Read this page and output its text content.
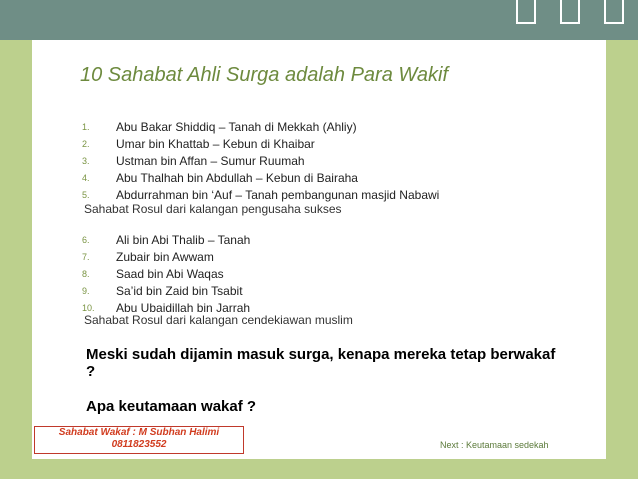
10 Sahabat Ahli Surga adalah Para Wakif
1. Abu Bakar Shiddiq – Tanah di Mekkah (Ahliy)
2. Umar bin Khattab – Kebun di Khaibar
3. Ustman bin Affan – Sumur Ruumah
4. Abu Thalhah bin Abdullah – Kebun di Bairaha
5. Abdurrahman bin ‘Auf – Tanah pembangunan masjid Nabawi
Sahabat Rosul dari kalangan pengusaha sukses
6. Ali bin Abi Thalib – Tanah
7. Zubair bin Awwam
8. Saad bin Abi Waqas
9. Sa’id bin Zaid bin Tsabit
10. Abu Ubaidillah bin Jarrah
Sahabat Rosul dari kalangan cendekiawan muslim
Meski sudah dijamin masuk surga, kenapa mereka tetap berwakaf ?
Apa keutamaan wakaf ?
Sahabat Wakaf : M Subhan Halimi
0811823552	Next : Keutamaan sedekah
